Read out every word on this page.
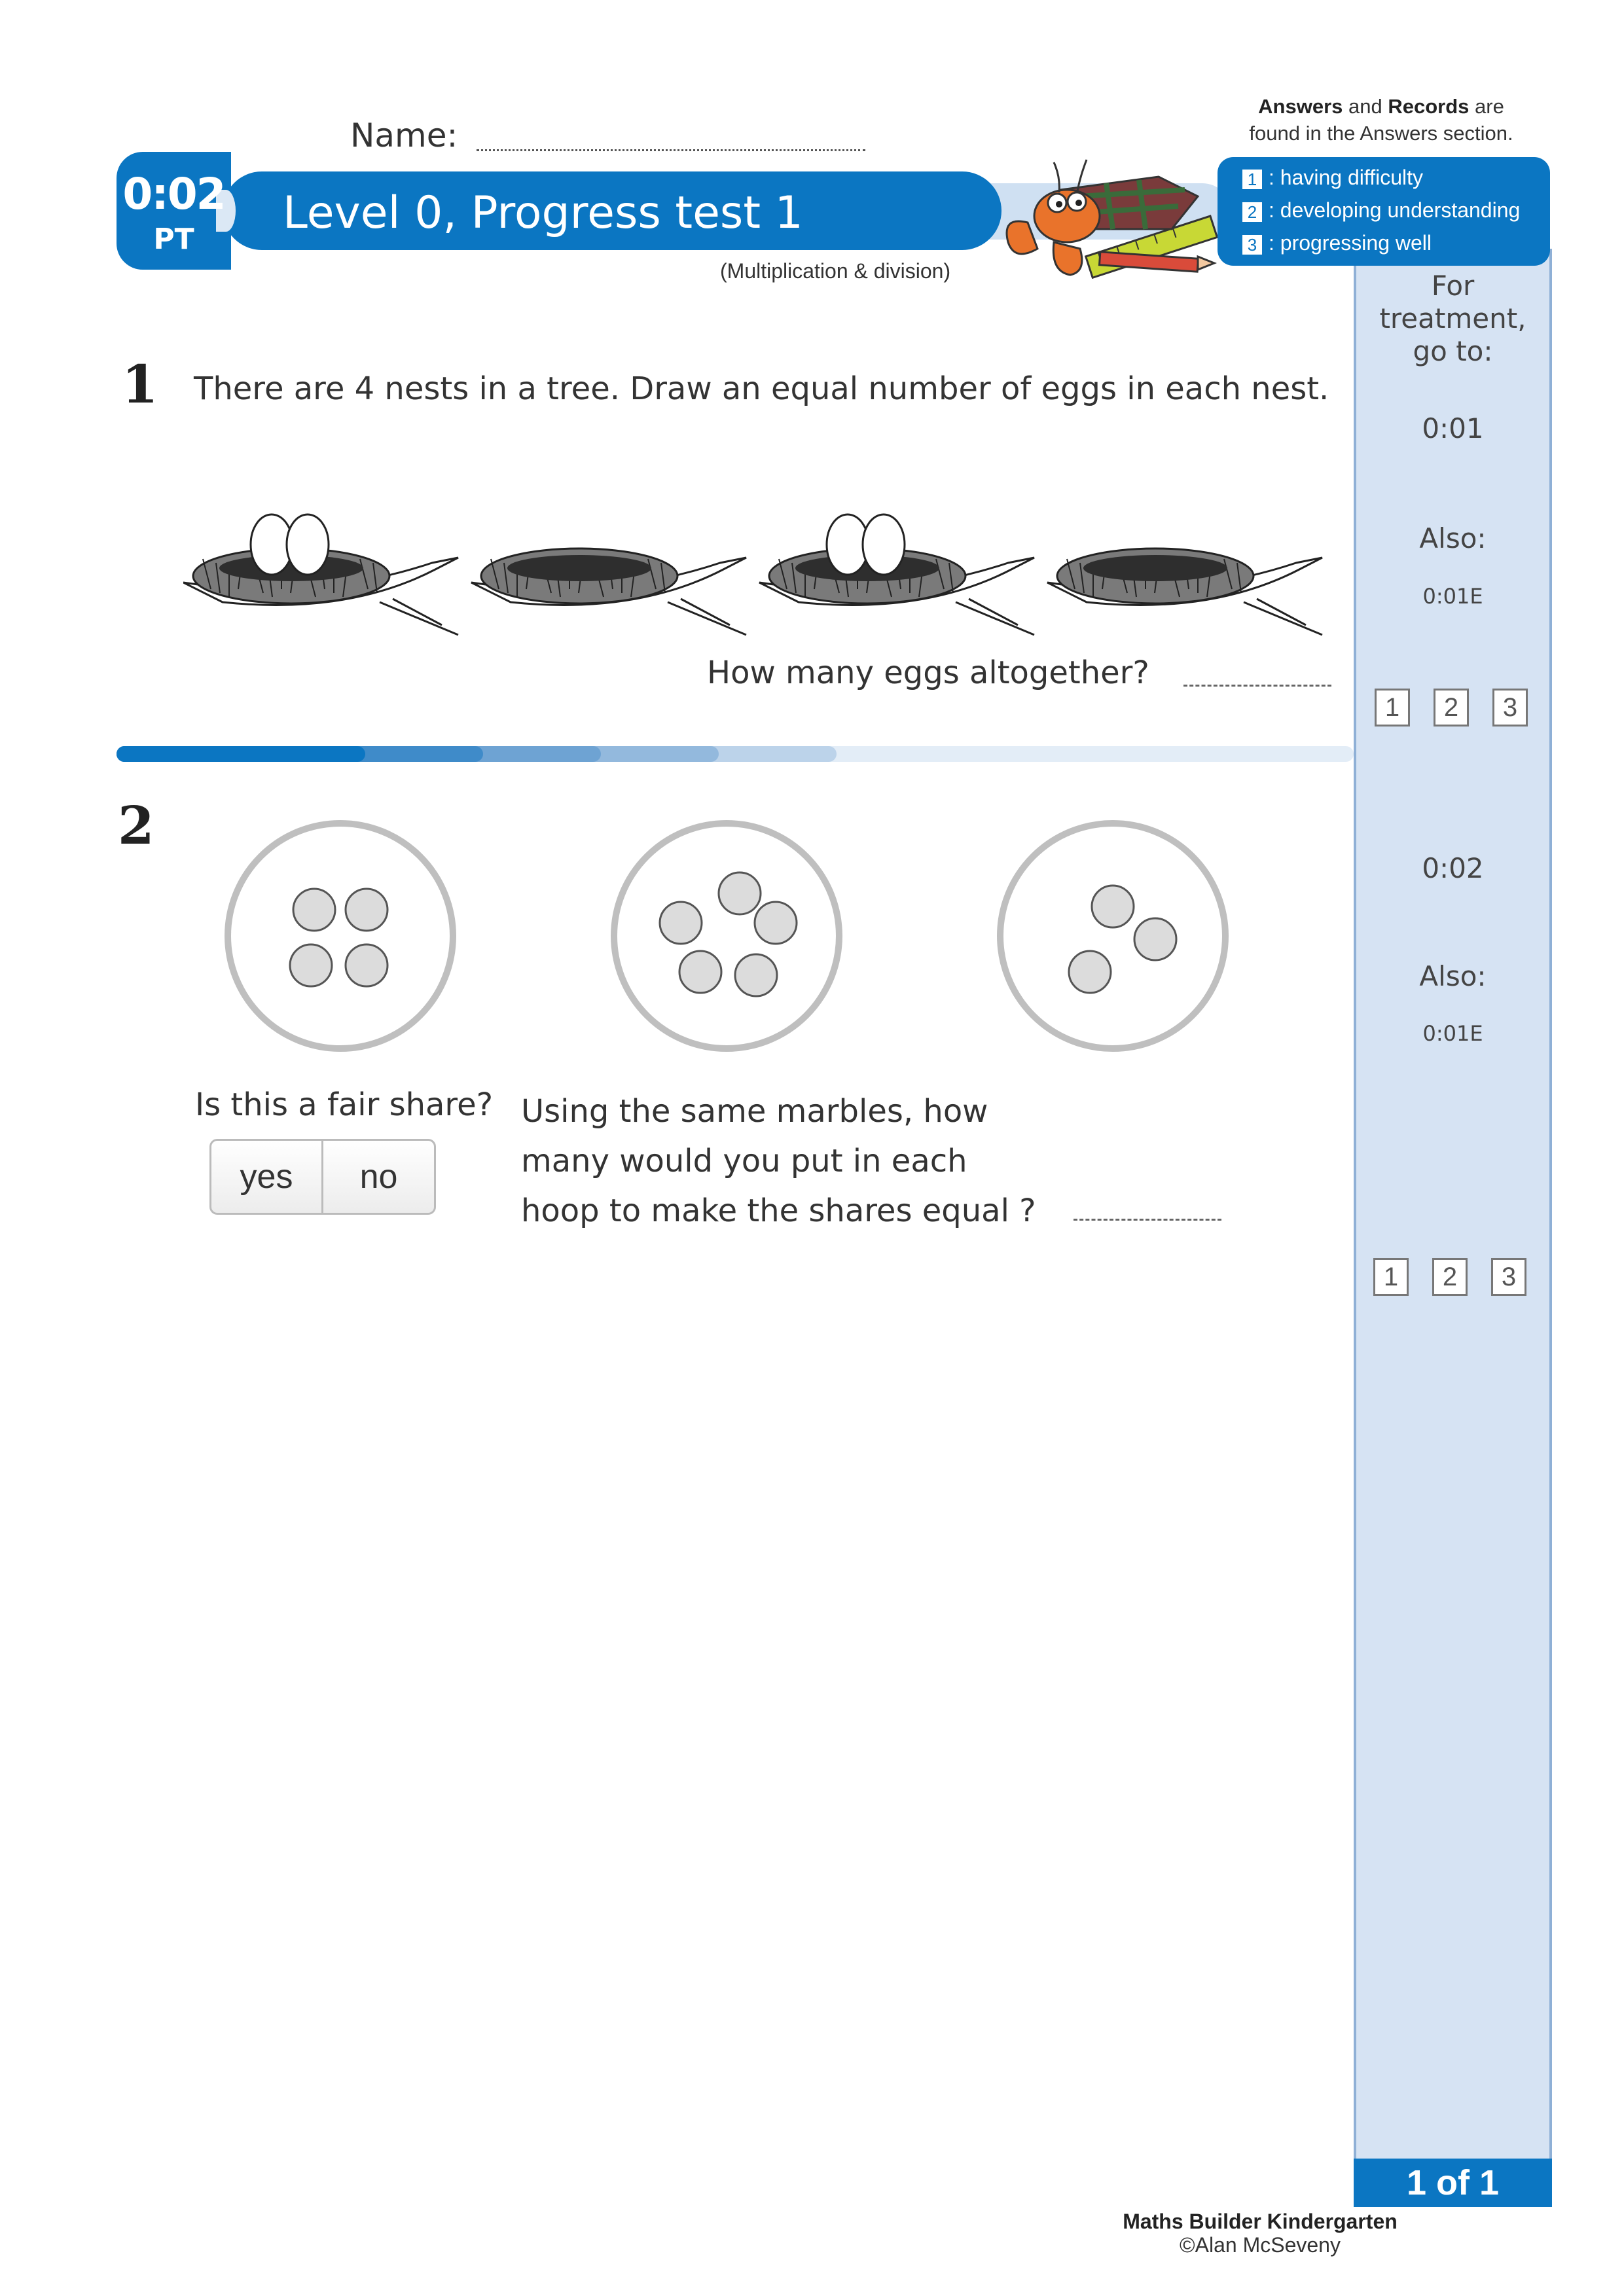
Name:
Answers and Records are
found in the Answers section.
0:02
PT
Level 0, Progress test 1
(Multiplication & division)
1 : having difficulty
2 : developing understanding
3 : progressing well
For treatment,
go to:
0:01
Also:
0:01E
1	2	3
0:02
Also:
0:01E
1	2	3
1 of 1
Maths Builder Kindergarten
©Alan McSeveny
1 There are 4 nests in a tree. Draw an equal number of eggs in each nest.
How many eggs altogether?
2
Is this a fair share?
yes	no
Using the same marbles, how
many would you put in each
hoop to make the shares equal ?
